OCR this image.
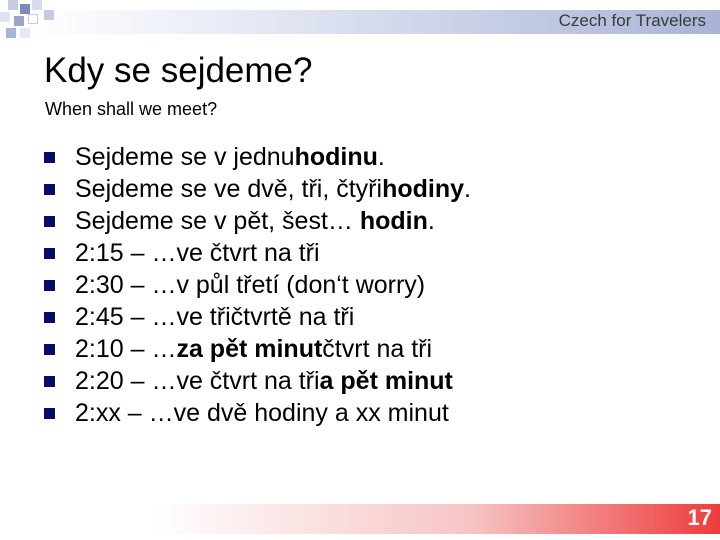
Czech for Travelers
Kdy se sejdeme?
When shall we meet?
Sejdeme se v jednu hodinu .
Sejdeme se ve dvě, tři, čtyři hodiny .
Sejdeme se v pět, šest… hodin .
2:15 – …ve čtvrt na tři
2:30 – …v půl třetí (don‘t worry)
2:45 – …ve třičtvrtě na tři
2:10 – … za pět minut čtvrt na tři
2:20 – …ve čtvrt na tři a pět minut
2:xx – …ve dvě hodiny a xx minut
17
